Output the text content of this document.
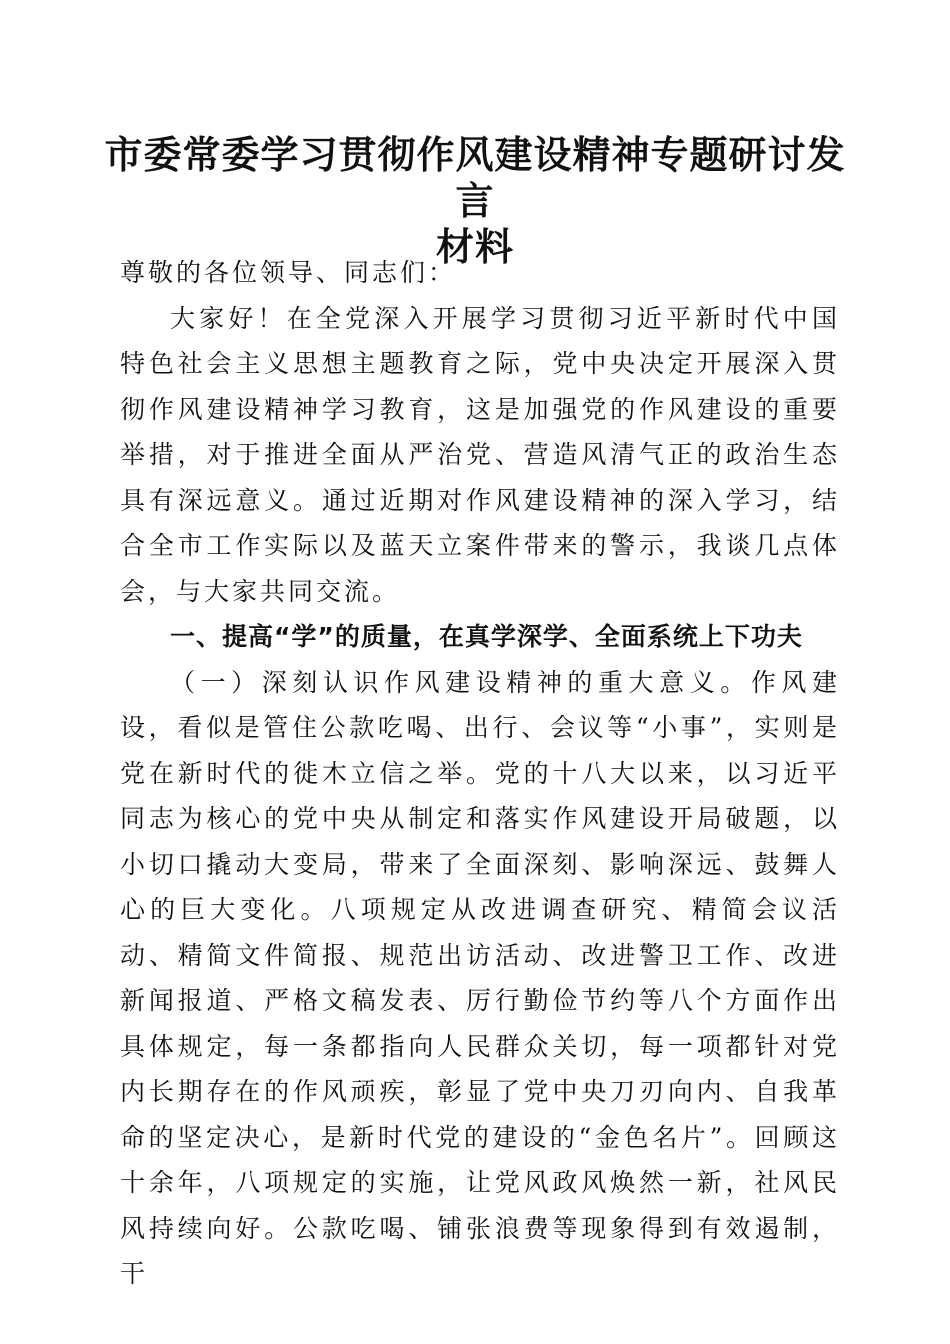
市委常委学习贯彻作风建设精神专题研讨发言
材料

尊敬的各位领导、同志们：

大家好！在全党深入开展学习贯彻习近平新时代中国特色社会主义思想主题教育之际，党中央决定开展深入贯彻作风建设精神学习教育，这是加强党的作风建设的重要举措，对于推进全面从严治党、营造风清气正的政治生态具有深远意义。通过近期对作风建设精神的深入学习，结合全市工作实际以及蓝天立案件带来的警示，我谈几点体会，与大家共同交流。

一、提高“学”的质量，在真学深学、全面系统上下功夫

（一）深刻认识作风建设精神的重大意义。作风建设，看似是管住公款吃喝、出行、会议等“小事”，实则是党在新时代的徙木立信之举。党的十八大以来，以习近平同志为核心的党中央从制定和落实作风建设开局破题，以小切口撬动大变局，带来了全面深刻、影响深远、鼓舞人心的巨大变化。八项规定从改进调查研究、精简会议活动、精简文件简报、规范出访活动、改进警卫工作、改进新闻报道、严格文稿发表、厉行勤俭节约等八个方面作出具体规定，每一条都指向人民群众关切，每一项都针对党内长期存在的作风顽疾，彰显了党中央刀刃向内、自我革命的坚定决心，是新时代党的建设的“金色名片”。回顾这十余年，八项规定的实施，让党风政风焕然一新，社风民风持续向好。公款吃喝、铺张浪费等现象得到有效遏制，干
